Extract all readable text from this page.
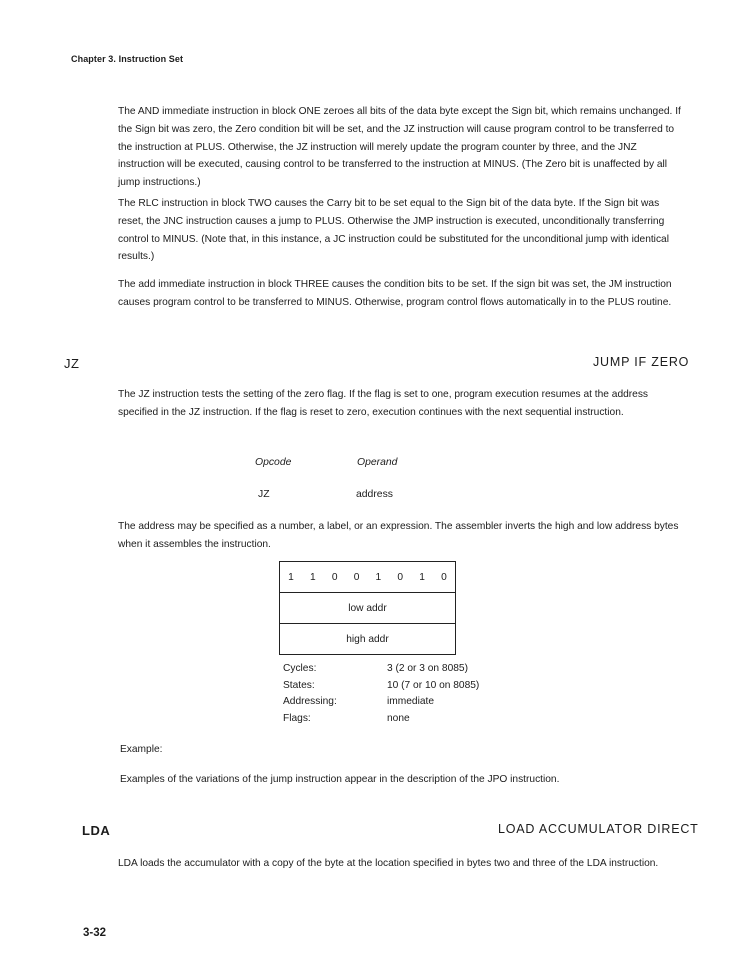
Chapter 3. Instruction Set

The AND immediate instruction in block ONE zeroes all bits of the data byte except the Sign bit, which remains unchanged. If the Sign bit was zero, the Zero condition bit will be set, and the JZ instruction will cause program control to be transferred to the instruction at PLUS. Otherwise, the JZ instruction will merely update the program counter by three, and the JNZ instruction will be executed, causing control to be transferred to the instruction at MINUS. (The Zero bit is unaffected by all jump instructions.)

The RLC instruction in block TWO causes the Carry bit to be set equal to the Sign bit of the data byte. If the Sign bit was reset, the JNC instruction causes a jump to PLUS. Otherwise the JMP instruction is executed, unconditionally transferring control to MINUS. (Note that, in this instance, a JC instruction could be substituted for the unconditional jump with identical results.)

The add immediate instruction in block THREE causes the condition bits to be set. If the sign bit was set, the JM instruction causes program control to be transferred to MINUS. Otherwise, program control flows automatically in to the PLUS routine.

JZ	JUMP IF ZERO

The JZ instruction tests the setting of the zero flag. If the flag is set to one, program execution resumes at the address specified in the JZ instruction. If the flag is reset to zero, execution continues with the next sequential instruction.

Opcode	Operand
JZ	address

The address may be specified as a number, a label, or an expression. The assembler inverts the high and low address bytes when it assembles the instruction.

1	1	0	0	1	0	1	0

low addr
high addr
Cycles:	3 (2 or 3 on 8085)
States:	10 (7 or 10 on 8085)
Addressing:	immediate
Flags:	none
Example:
Examples of the variations of the jump instruction appear in the description of the JPO instruction.
LDA	LOAD ACCUMULATOR DIRECT

LDA loads the accumulator with a copy of the byte at the location specified in bytes two and three of the LDA instruction.

3-32
